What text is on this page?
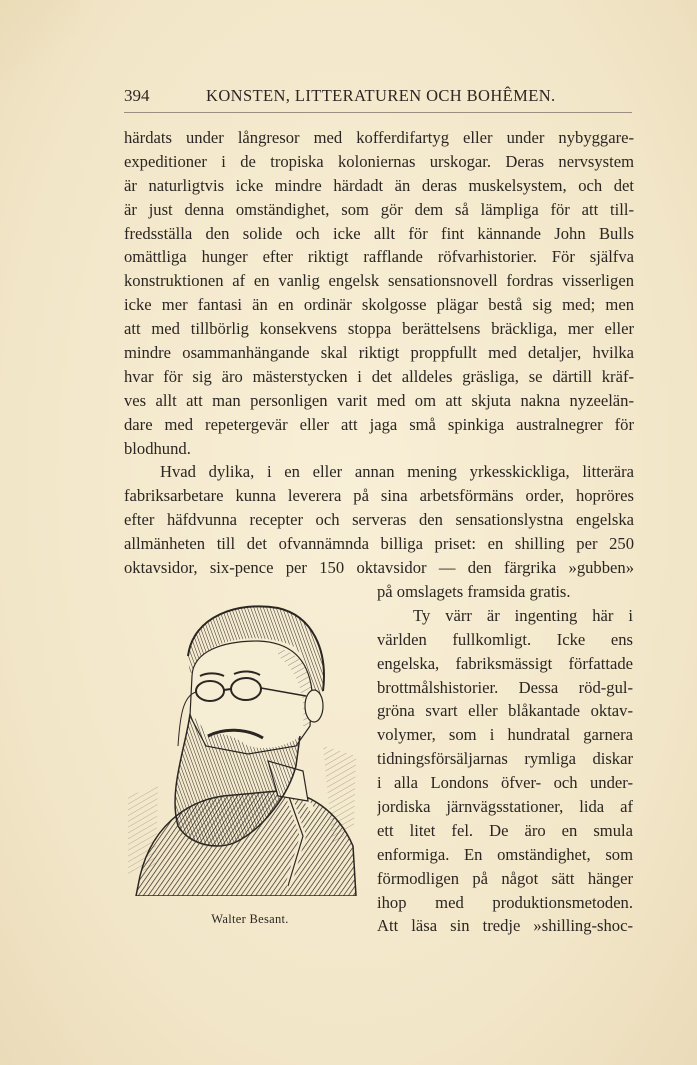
394	KONSTEN, LITTERATUREN OCH BOHÊMEN.
härdats under långresor med kofferdifartyg eller under nybyggare-
expeditioner i de tropiska koloniernas urskogar. Deras nervsystem
är naturligtvis icke mindre härdadt än deras muskelsystem, och det
är just denna omständighet, som gör dem så lämpliga för att till-
fredsställa den solide och icke allt för fint kännande John Bulls
omättliga hunger efter riktigt rafflande röfvarhistorier. För själfva
konstruktionen af en vanlig engelsk sensationsnovell fordras visserligen
icke mer fantasi än en ordinär skolgosse plägar bestå sig med; men
att med tillbörlig konsekvens stoppa berättelsens bräckliga, mer eller
mindre osammanhängande skal riktigt proppfullt med detaljer, hvilka
hvar för sig äro mästerstycken i det alldeles gräsliga, se därtill kräf-
ves allt att man personligen varit med om att skjuta nakna nyzeelän-
dare med repetergevär eller att jaga små spinkiga australnegrer för
blodhund.
Hvad dylika, i en eller annan mening yrkesskickliga, litterära
fabriksarbetare kunna leverera på sina arbetsförmäns order, hopröres
efter häfdvunna recepter och serveras den sensationslystna engelska
allmänheten till det ofvannämnda billiga priset: en shilling per 250
oktavsidor, six-pence per 150 oktavsidor — den färgrika »gubben»
på omslagets framsida gratis.
Ty värr är ingenting här i
världen fullkomligt. Icke ens
engelska, fabriksmässigt författade
brottmålshistorier. Dessa röd-gul-
gröna svart eller blåkantade oktav-
volymer, som i hundratal garnera
tidningsförsäljarnas rymliga diskar
i alla Londons öfver- och under-
jordiska järnvägsstationer, lida af
ett litet fel. De äro en smula
enformiga. En omständighet, som
förmodligen på något sätt hänger
ihop med produktionsmetoden.
Att läsa sin tredje »shilling-shoc-
Walter Besant.
